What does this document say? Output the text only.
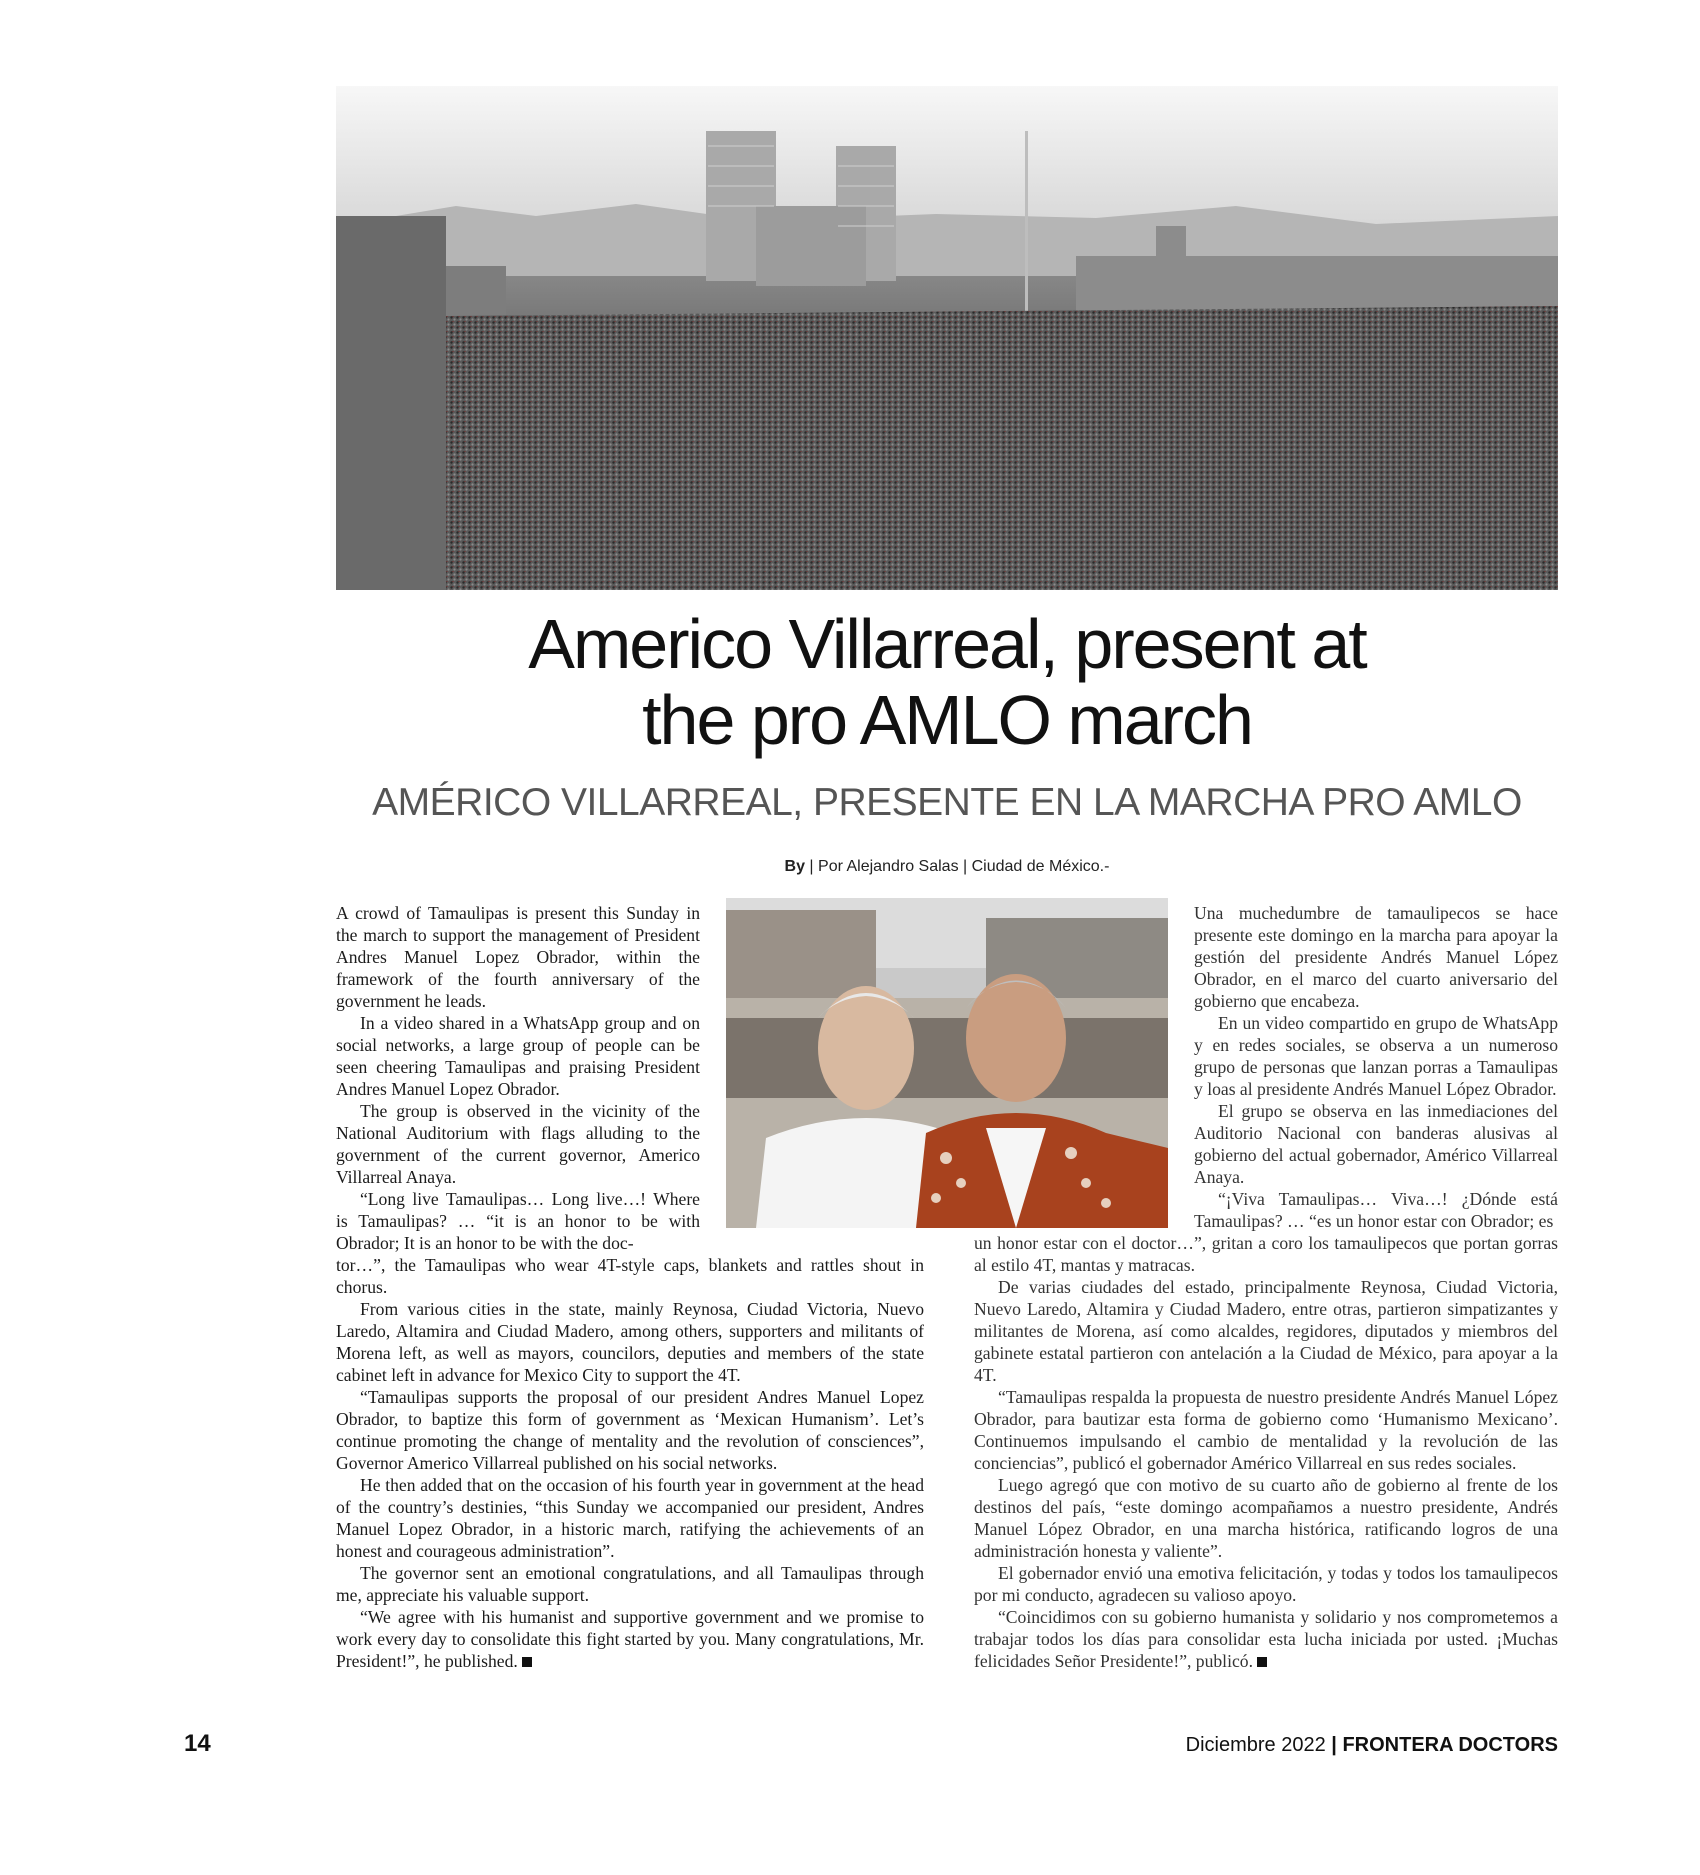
Americo Villarreal, present at
the pro AMLO march
AMÉRICO VILLARREAL, PRESENTE EN LA MARCHA PRO AMLO
By | Por Alejandro Salas | Ciudad de México.-

A crowd of Tamaulipas is present this Sunday in the march to support the management of President Andres Manuel Lopez Obrador, within the framework of the fourth anniversary of the government he leads.

In a video shared in a WhatsApp group and on social networks, a large group of people can be seen cheering Tamaulipas and praising President Andres Manuel Lopez Obrador.

The group is observed in the vicinity of the National Auditorium with flags alluding to the government of the current governor, Americo Villarreal Anaya.

“Long live Tamaulipas… Long live…! Where is Tamaulipas? … “it is an honor to be with Obrador; It is an honor to be with the doc-

tor…”, the Tamaulipas who wear 4T-style caps, blankets and rattles shout in chorus.

From various cities in the state, mainly Reynosa, Ciudad Victoria, Nuevo Laredo, Altamira and Ciudad Madero, among others, supporters and militants of Morena left, as well as mayors, councilors, deputies and members of the state cabinet left in advance for Mexico City to support the 4T.

“Tamaulipas supports the proposal of our president Andres Manuel Lopez Obrador, to baptize this form of government as ‘Mexican Humanism’. Let’s continue promoting the change of mentality and the revolution of consciences”, Governor Americo Villarreal published on his social networks.

He then added that on the occasion of his fourth year in government at the head of the country’s destinies, “this Sunday we accompanied our president, Andres Manuel Lopez Obrador, in a historic march, ratifying the achievements of an honest and courageous administration”.

The governor sent an emotional congratulations, and all Tamaulipas through me, appreciate his valuable support.

“We agree with his humanist and supportive government and we promise to work every day to consolidate this fight started by you. Many congratulations, Mr. President!”, he published.

Una muchedumbre de tamaulipecos se hace presente este domingo en la marcha para apoyar la gestión del presidente Andrés Manuel López Obrador, en el marco del cuarto aniversario del gobierno que encabeza.

En un video compartido en grupo de WhatsApp y en redes sociales, se observa a un numeroso grupo de personas que lanzan porras a Tamaulipas y loas al presidente Andrés Manuel López Obrador.

El grupo se observa en las inmediaciones del Auditorio Nacional con banderas alusivas al gobierno del actual gobernador, Américo Villarreal Anaya.

“¡Viva Tamaulipas… Viva…! ¿Dónde está Tamaulipas? … “es un honor estar con Obrador; es

un honor estar con el doctor…”, gritan a coro los tamaulipecos que portan gorras al estilo 4T, mantas y matracas.

De varias ciudades del estado, principalmente Reynosa, Ciudad Victoria, Nuevo Laredo, Altamira y Ciudad Madero, entre otras, partieron simpatizantes y militantes de Morena, así como alcaldes, regidores, diputados y miembros del gabinete estatal partieron con antelación a la Ciudad de México, para apoyar a la 4T.

“Tamaulipas respalda la propuesta de nuestro presidente Andrés Manuel López Obrador, para bautizar esta forma de gobierno como ‘Humanismo Mexicano’. Continuemos impulsando el cambio de mentalidad y la revolución de las conciencias”, publicó el gobernador Américo Villarreal en sus redes sociales.

Luego agregó que con motivo de su cuarto año de gobierno al frente de los destinos del país, “este domingo acompañamos a nuestro presidente, Andrés Manuel López Obrador, en una marcha histórica, ratificando logros de una administración honesta y valiente”.

El gobernador envió una emotiva felicitación, y todas y todos los tamaulipecos por mi conducto, agradecen su valioso apoyo.

“Coincidimos con su gobierno humanista y solidario y nos comprometemos a trabajar todos los días para consolidar esta lucha iniciada por usted. ¡Muchas felicidades Señor Presidente!”, publicó.

14	Diciembre 2022 | FRONTERA DOCTORS
